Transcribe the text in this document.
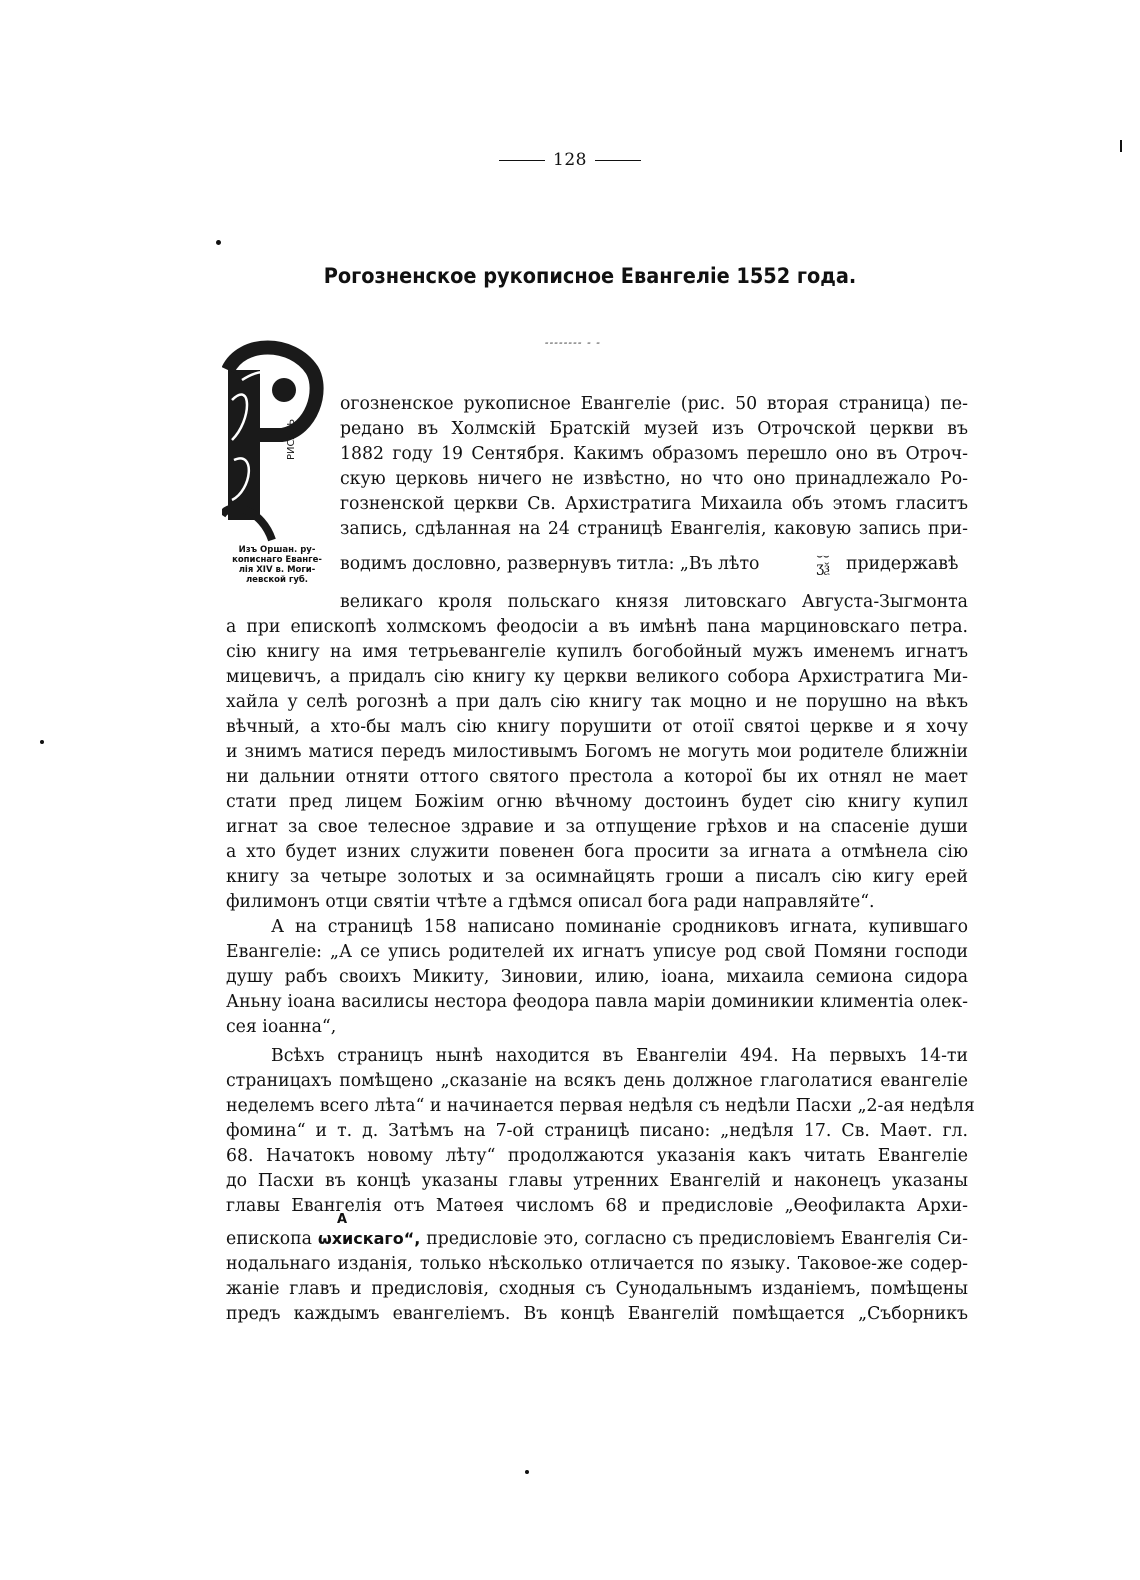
128
Рогозненское рукописное Евангеліе 1552 года.
-------- - -
РИСАВЬ
Р
Изъ Оршан. ру-
кописнаго Еванге-
лія XIV в. Моги-
левской губ.
огозненское рукописное Евангеліе (рис. 50 вторая страница) пе-
редано въ Холмскій Братскій музей изъ Отрочской церкви въ
1882 году 19 Сентября. Какимъ образомъ перешло оно въ Отроч-
скую церковь ничего не извѣстно, но что оно принадлежало Ро-
гозненской церкви Св. Архистратига Михаила объ этомъ гласитъ
запись, сдѣланная на 24 страницѣ Евангелія, каковую запись при-
водимъ дословно, развернувъ титла: „Въ лѣто	⌣⌣
ʒѯ придержавѣ
великаго кроля польскаго князя литовскаго Августа-Зыгмонта
а при епископѣ холмскомъ феодосіи а въ имѣнѣ пана марциновскаго петра.
сію книгу на имя тетрьевангеліе купилъ богобойный мужъ именемъ игнатъ
мицевичъ, а придалъ сію книгу ку церкви великого собора Архистратига Ми-
хайла у селѣ рогознѣ а при далъ сію книгу так моцно и не порушно на вѣкъ
вѣчный, а хто-бы малъ сію книгу порушити от отоії святоі церкве и я хочу
и знимъ матися передъ милостивымъ Богомъ не могуть мои родителе ближніи
ни дальнии отняти оттого святого престола а которої бы их отнял не мает
стати пред лицем Божіим огню вѣчному достоинъ будет сію книгу купил
игнат за свое телесное здравие и за отпущение грѣхов и на спасеніе души
а хто будет изних служити повенен бога просити за игната а отмѣнела сію
книгу за четыре золотых и за осимнайцять гроши а писалъ сію кигу ерей
филимонъ отци святіи чтѣте а гдѣмся описал бога ради направляйте“.
А на страницѣ 158 написано поминаніе сродниковъ игната, купившаго
Евангеліе: „А се упись родителей их игнатъ уписуе род свой Помяни господи
душу рабъ своихъ Микиту, Зиновии, илию, іоана, михаила семиона сидора
Аньну іоана василисы нестора феодора павла маріи доминикии климентіа олек-
сея іоанна“,
Всѣхъ страницъ нынѣ находится въ Евангеліи 494. На первыхъ 14-ти
страницахъ помѣщено „сказаніе на всякъ день должное глаголатися евангеліе
неделемъ всего лѣта“ и начинается первая недѣля съ недѣли Пасхи „2-ая недѣля
фомина“ и т. д. Затѣмъ на 7-ой страницѣ писано: „недѣля 17. Св. Маѳт. гл.
68. Начатокъ новому лѣту“ продолжаются указанія какъ читать Евангеліе
до Пасхи въ концѣ указаны главы утренних Евангелій и наконецъ указаны
главы Евангелія отъ Матѳея числомъ 68 и предисловіе „Ѳеофилакта Архи-
А
епископа ѡхискаго“, предисловіе это, согласно съ предисловіемъ Евангелія Си-
нодальнаго изданія, только нѣсколько отличается по языку. Таковое-же содер-
жаніе главъ и предисловія, сходныя съ Сунодальнымъ изданіемъ, помѣщены
предъ каждымъ евангеліемъ. Въ концѣ Евангелій помѣщается „Съборникъ
